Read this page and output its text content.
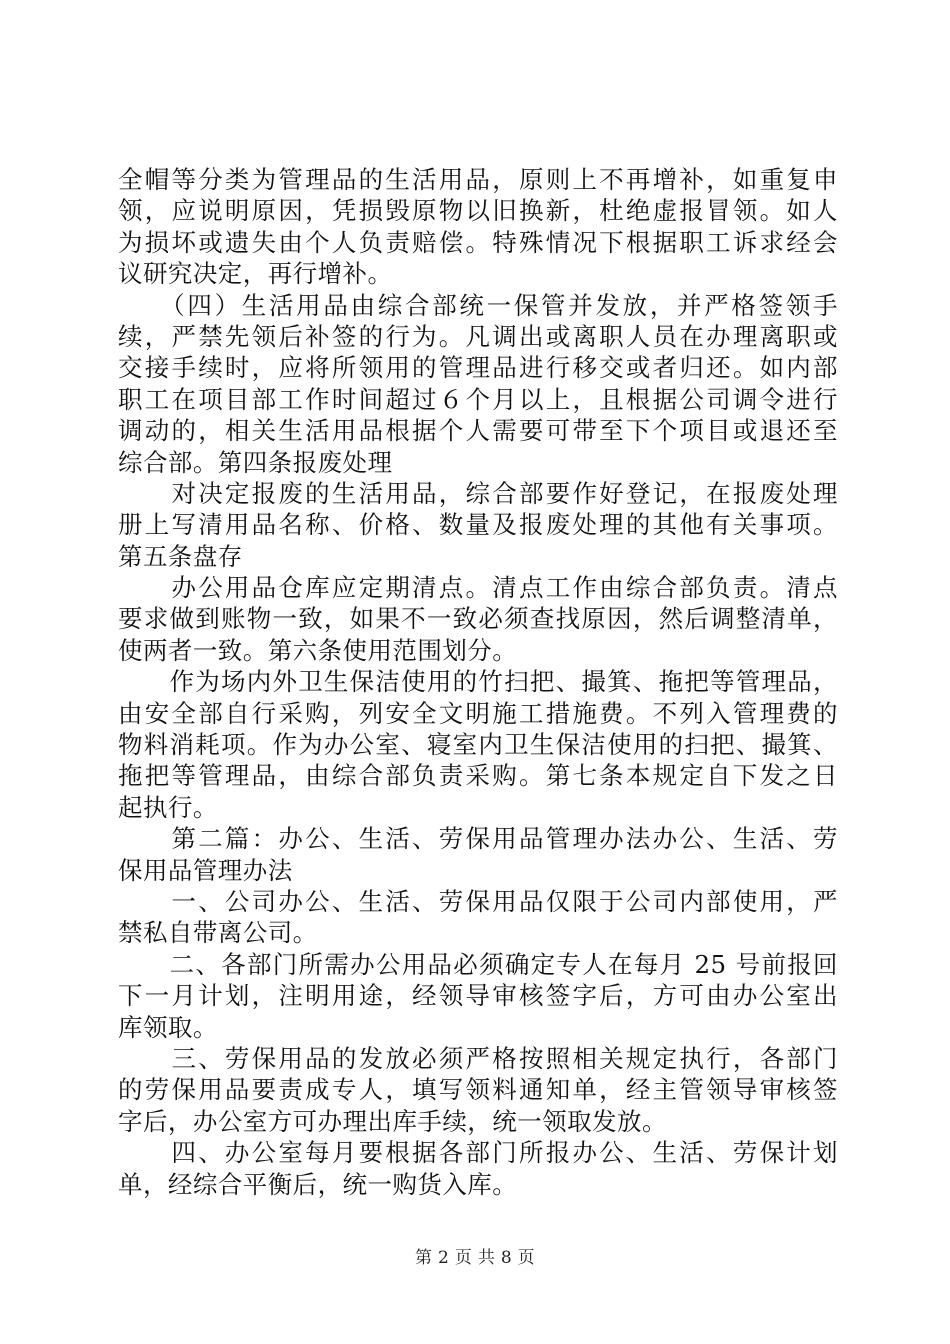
全帽等分类为管理品的生活用品，原则上不再增补，如重复申
领，应说明原因，凭损毁原物以旧换新，杜绝虚报冒领。如人
为损坏或遗失由个人负责赔偿。特殊情况下根据职工诉求经会
议研究决定，再行增补。
　　（四）生活用品由综合部统一保管并发放，并严格签领手
续，严禁先领后补签的行为。凡调出或离职人员在办理离职或
交接手续时，应将所领用的管理品进行移交或者归还。如内部
职工在项目部工作时间超过６个月以上，且根据公司调令进行
调动的，相关生活用品根据个人需要可带至下个项目或退还至
综合部。第四条报废处理
　　对决定报废的生活用品，综合部要作好登记，在报废处理
册上写清用品名称、价格、数量及报废处理的其他有关事项。
第五条盘存
　　办公用品仓库应定期清点。清点工作由综合部负责。清点
要求做到账物一致，如果不一致必须查找原因，然后调整清单，
使两者一致。第六条使用范围划分。
　　作为场内外卫生保洁使用的竹扫把、撮箕、拖把等管理品，
由安全部自行采购，列安全文明施工措施费。不列入管理费的
物料消耗项。作为办公室、寝室内卫生保洁使用的扫把、撮箕、
拖把等管理品，由综合部负责采购。第七条本规定自下发之日
起执行。
　　第二篇：办公、生活、劳保用品管理办法办公、生活、劳
保用品管理办法
　　一、公司办公、生活、劳保用品仅限于公司内部使用，严
禁私自带离公司。
　　二、各部门所需办公用品必须确定专人在每月 25 号前报回
下一月计划，注明用途，经领导审核签字后，方可由办公室出
库领取。
　　三、劳保用品的发放必须严格按照相关规定执行，各部门
的劳保用品要责成专人，填写领料通知单，经主管领导审核签
字后，办公室方可办理出库手续，统一领取发放。
　　四、办公室每月要根据各部门所报办公、生活、劳保计划
单，经综合平衡后，统一购货入库。
第 2 页 共 8 页
